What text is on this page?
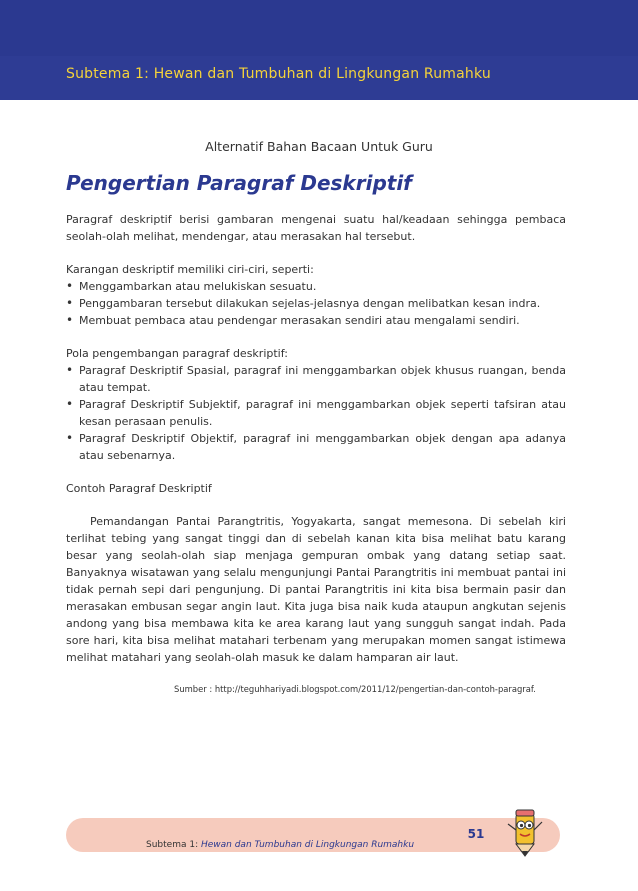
Subtema 1: Hewan dan Tumbuhan di Lingkungan Rumahku
Alternatif Bahan Bacaan Untuk Guru
Pengertian Paragraf Deskriptif

Paragraf deskriptif berisi gambaran mengenai suatu hal/keadaan sehingga pembaca seolah-olah melihat, mendengar, atau merasakan hal tersebut.

Karangan deskriptif memiliki ciri-ciri, seperti:

• Menggambarkan atau melukiskan sesuatu.
• Penggambaran tersebut dilakukan sejelas-jelasnya dengan melibatkan kesan indra.
• Membuat pembaca atau pendengar merasakan sendiri atau mengalami sendiri.

Pola pengembangan paragraf deskriptif:

• Paragraf Deskriptif Spasial, paragraf ini menggambarkan objek khusus ruangan, benda atau tempat.
• Paragraf Deskriptif Subjektif, paragraf ini menggambarkan objek seperti tafsiran atau kesan perasaan penulis.
• Paragraf Deskriptif Objektif, paragraf ini menggambarkan objek dengan apa adanya atau sebenarnya.

Contoh Paragraf Deskriptif

Pemandangan Pantai Parangtritis, Yogyakarta, sangat memesona. Di sebelah kiri terlihat tebing yang sangat tinggi dan di sebelah kanan kita bisa melihat batu karang besar yang seolah-olah siap menjaga gempuran ombak yang datang setiap saat. Banyaknya wisatawan yang selalu mengunjungi Pantai Parangtritis ini membuat pantai ini tidak pernah sepi dari pengunjung. Di pantai Parangtritis ini kita bisa bermain pasir dan merasakan embusan segar angin laut. Kita juga bisa naik kuda ataupun angkutan sejenis andong yang bisa membawa kita ke area karang laut yang sungguh sangat indah. Pada sore hari, kita bisa melihat matahari terbenam yang merupakan momen sangat istimewa melihat matahari yang seolah-olah masuk ke dalam hamparan air laut.

Sumber : http://teguhhariyadi.blogspot.com/2011/12/pengertian-dan-contoh-paragraf.
Subtema 1: Hewan dan Tumbuhan di Lingkungan Rumahku
51
